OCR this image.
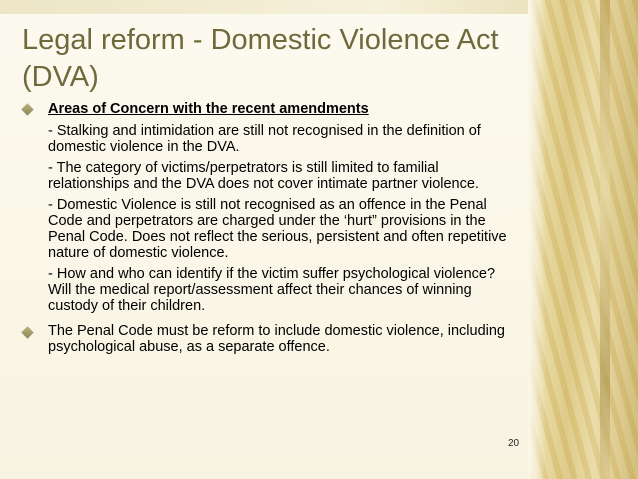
Legal reform - Domestic Violence Act (DVA)
Areas of Concern with the recent amendments
- Stalking and intimidation are still not recognised in the definition of domestic violence in the DVA.
- The category of victims/perpetrators is still limited to familial relationships and the DVA does not cover intimate partner violence.
- Domestic Violence is still not recognised as an offence in the Penal Code and perpetrators are charged under the ‘hurt” provisions in the Penal Code. Does not reflect the serious, persistent and often repetitive nature of domestic violence.
- How and who can identify if the victim suffer psychological violence? Will the medical report/assessment affect their chances of winning custody of their children.
The Penal Code must be reform to include domestic violence, including psychological abuse, as a separate offence.
20
